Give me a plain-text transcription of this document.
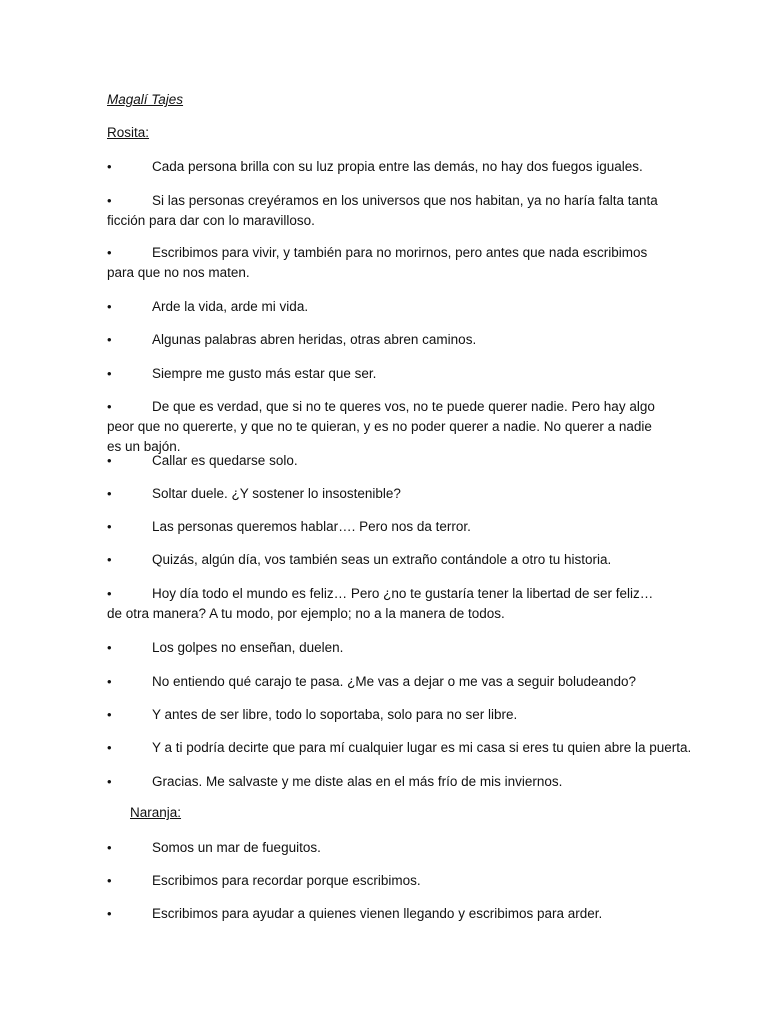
Magalí Tajes
Rosita:
•	Cada persona brilla con su luz propia entre las demás, no hay dos fuegos iguales.
•	Si las personas creyéramos en los universos que nos habitan, ya no haría falta tanta ficción para dar con lo maravilloso.
•	Escribimos para vivir, y también para no morirnos, pero antes que nada escribimos para que no nos maten.
•	Arde la vida, arde mi vida.
•	Algunas palabras abren heridas, otras abren caminos.
•	Siempre me gusto más estar que ser.
•	De que es verdad, que si no te queres vos, no te puede querer nadie. Pero hay algo peor que no quererte, y que no te quieran, y es no poder querer a nadie. No querer a nadie es un bajón.
•	Callar es quedarse solo.
•	Soltar duele. ¿Y sostener lo insostenible?
•	Las personas queremos hablar…. Pero nos da terror.
•	Quizás, algún día, vos también seas un extraño contándole a otro tu historia.
•	Hoy día todo el mundo es feliz… Pero ¿no te gustaría tener la libertad de ser feliz… de otra manera? A tu modo, por ejemplo; no a la manera de todos.
•	Los golpes no enseñan, duelen.
•	No entiendo qué carajo te pasa. ¿Me vas a dejar o me vas a seguir boludeando?
•	Y antes de ser libre, todo lo soportaba, solo para no ser libre.
•	Y a ti podría decirte que para mí cualquier lugar es mi casa si eres tu quien abre la puerta.
•	Gracias. Me salvaste y me diste alas en el más frío de mis inviernos.
Naranja:
•	Somos un mar de fueguitos.
•	Escribimos para recordar porque escribimos.
•	Escribimos para ayudar a quienes vienen llegando y escribimos para arder.
